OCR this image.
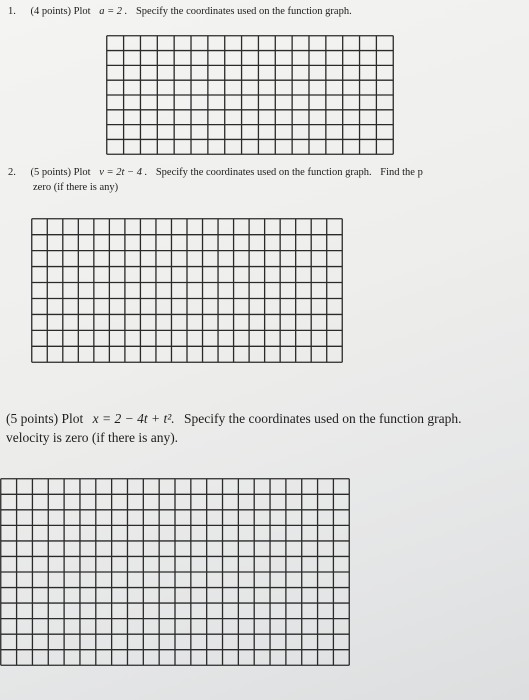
1. (4 points) Plot a = 2 . Specify the coordinates used on the function graph.
2. (5 points) Plot v = 2t − 4 . Specify the coordinates used on the function graph. Find the p
zero (if there is any)
(5 points) Plot x = 2 − 4t + t². Specify the coordinates used on the function graph.
velocity is zero (if there is any).
